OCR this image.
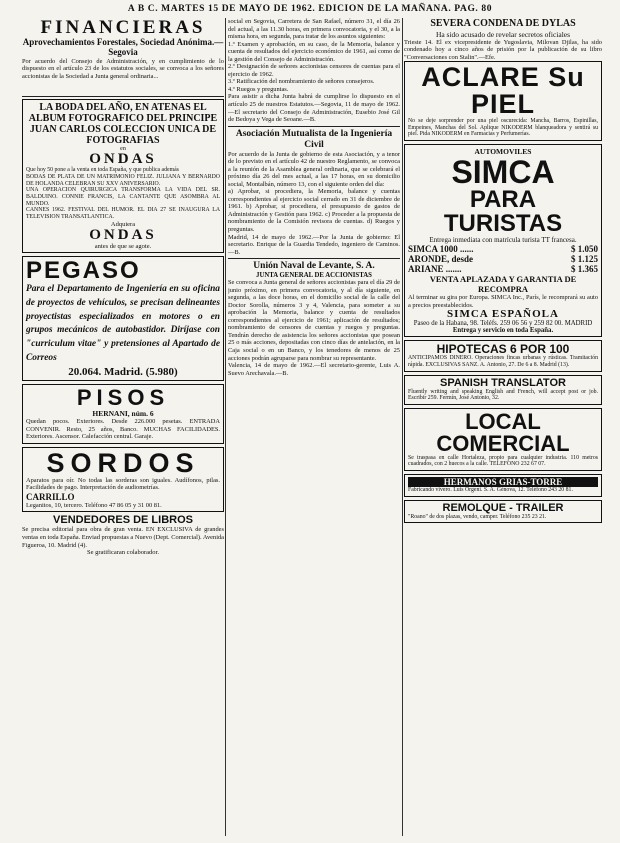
A B C. MARTES 15 DE MAYO DE 1962. EDICION DE LA MAÑANA. PAG. 80
FINANCIERAS
Aprovechamientos Forestales, Sociedad Anónima.—Segovia

Por acuerdo del Consejo de Administración, y en cumplimiento de lo dispuesto en el artículo 23 de los estatutos sociales, se convoca a los señores accionistas de la Sociedad a Junta general ordinaria...

LA BODA DEL AÑO, EN ATENAS EL ALBUM FOTOGRAFICO DEL PRINCIPE JUAN CARLOS COLECCION UNICA DE FOTOGRAFIAS
en
ONDAS

Que hoy 50 pone a la venta en toda España, y que publica además

BODAS DE PLATA DE UN MATRIMONIO FELIZ. JULIANA Y BERNARDO DE HOLANDA CELEBRAN SU XXV ANIVERSARIO.

UNA OPERACION QUIRURGICA TRANSFORMA LA VIDA DEL SR. BALDUINO. CONNIE FRANCIS, LA CANTANTE QUE ASOMBRA AL MUNDO.

CANNES 1962. FESTIVAL DEL HUMOR. EL DIA 27 SE INAUGURA LA TELEVISION TRANSATLANTICA.

Adquiera
ONDAS
antes de que se agote.
PEGASO

Para el Departamento de Ingeniería en su oficina de proyectos de vehículos, se precisan delineantes proyectistas especializados en motores o en grupos mecánicos de autobastidor. Diríjase con "curriculum vitae" y pretensiones al Apartado de Correos

20.064. Madrid. (5.980)
PISOS
HERNANI, núm. 6

Quedan pocos. Exteriores. Desde 226.000 pesetas. ENTRADA CONVENIR. Resto, 25 años, Banco. MUCHAS FACILIDADES. Exteriores. Ascensor. Calefacción central. Garaje.

SORDOS

Aparatos para oír. No todas las sorderas son iguales. Audífonos, pilas. Facilidades de pago. Interpretación de audiometrías.

CARRILLO

Leganitos, 10, tercero. Teléfono 47 86 05 y 31 00 81.

VENDEDORES DE LIBROS

Se precisa editorial para obra de gran venta. EN EXCLUSIVA de grandes ventas en toda España. Enviad propuestas a Nuevo (Dept. Comercial). Avenida Figueroa, 10. Madrid (4).

Se gratificaran colaborador.

social en Segovia, Carretera de San Rafael, número 31, el día 26 del actual, a las 11.30 horas, en primera convocatoria, y el 30, a la misma hora, en segunda, para tratar de los asuntos siguientes:

1.º Examen y aprobación, en su caso, de la Memoria, balance y cuenta de resultados del ejercicio económico de 1961, así como de la gestión del Consejo de Administración.

2.º Designación de señores accionistas censores de cuentas para el ejercicio de 1962.

3.º Ratificación del nombramiento de señores consejeros.

4.º Ruegos y preguntas.

Para asistir a dicha Junta habrá de cumplirse lo dispuesto en el artículo 25 de nuestros Estatutos.—Segovia, 11 de mayo de 1962.—El secretario del Consejo de Administración, Eusebio José Gil de Bedoya y Vega de Seoane.—B.

Asociación Mutualista de la Ingeniería Civil

Por acuerdo de la Junta de gobierno de esta Asociación, y a tenor de lo previsto en el artículo 42 de nuestro Reglamento, se convoca a la reunión de la Asamblea general ordinaria, que se celebrará el próximo día 26 del mes actual, a las 17 horas, en su domicilio social, Montalbán, número 13, con el siguiente orden del día:

a) Aprobar, si procediera, la Memoria, balance y cuentas correspondientes al ejercicio social cerrado en 31 de diciembre de 1961. b) Aprobar, si procediera, el presupuesto de gastos de Administración y Gestión para 1962. c) Proceder a la propuesta de nombramiento de la Comisión revisora de cuentas. d) Ruegos y preguntas.

Madrid, 14 de mayo de 1962.—Por la Junta de gobierno: El secretario. Enrique de la Guardia Tendedo, ingeniero de Caminos.—B.

Unión Naval de Levante, S. A.
JUNTA GENERAL DE ACCIONISTAS

Se convoca a Junta general de señores accionistas para el día 29 de junio próximo, en primera convocatoria, y al día siguiente, en segunda, a las doce horas, en el domicilio social de la calle del Doctor Sorolla, números 3 y 4, Valencia, para someter a su aprobación la Memoria, balance y cuenta de resultados correspondientes al ejercicio de 1961; aplicación de resultados; nombramiento de censores de cuentas y ruegos y preguntas. Tendrán derecho de asistencia los señores accionistas que posean 25 o más acciones, depositadas con cinco días de antelación, en la Caja social o en un Banco, y los tenedores de menos de 25 acciones podrán agruparse para nombrar su representante.

Valencia, 14 de mayo de 1962.—El secretario-gerente, Luis A. Suevo Arechavala.—B.

SEVERA CONDENA DE DYLAS
Ha sido acusado de revelar secretos oficiales

Trieste 14. El ex vicepresidente de Yugoslavia, Milovan Djilas, ha sido condenado hoy a cinco años de prisión por la publicación de su libro "Conversaciones con Stalin".—Efe.

ACLARE Su PIEL

No se deje sorprender por una piel oscurecida: Mancha, Barros, Espinillas, Empeines, Manchas del Sol. Aplique NIKODERM blanqueadora y sentirá su piel. Pida NIKODERM en Farmacias y Perfumerías.

AUTOMOVILES
SIMCA
PARA TURISTAS
Entrega inmediata con matrícula turista TT francesa.
SIMCA 1000 ......	$ 1.050
ARONDE, desde	$ 1.125
ARIANE .......	$ 1.365
VENTA APLAZADA Y GARANTIA DE RECOMPRA

Al terminar su gira por Europa. SIMCA Inc., París, le recomprará su auto a precios preestablecidos.

SIMCA ESPAÑOLA
Paseo de la Habana, 98. Teléfs. 259 06 56 y 259 82 00. MADRID
Entrega y servicio en toda España.
HIPOTECAS 6 POR 100

ANTICIPAMOS DINERO. Operaciones fincas urbanas y rústicas. Tramitación rápida. EXCLUSIVAS SANZ. A. Antonio, 27. De 6 a 8. Madrid (13).

SPANISH TRANSLATOR

Fluently writing and speaking English and French, will accept post or job. Escribir 259. Fermín, José Antonio, 32.

LOCAL COMERCIAL

Se traspasa en calle Hortaleza, propio para cualquier industria. 110 metros cuadrados, con 2 huecos a la calle. TELEFONO 232 67 07.

HERMANOS GRIAS-TORRE

Fabricando vivero. Luis Orgeni. S. A. Génova, 12. Teléfono 243 20 81.

REMOLQUE - TRAILER

"Roano" de dos plazas, vendo, camper. Teléfono 235 23 21.
